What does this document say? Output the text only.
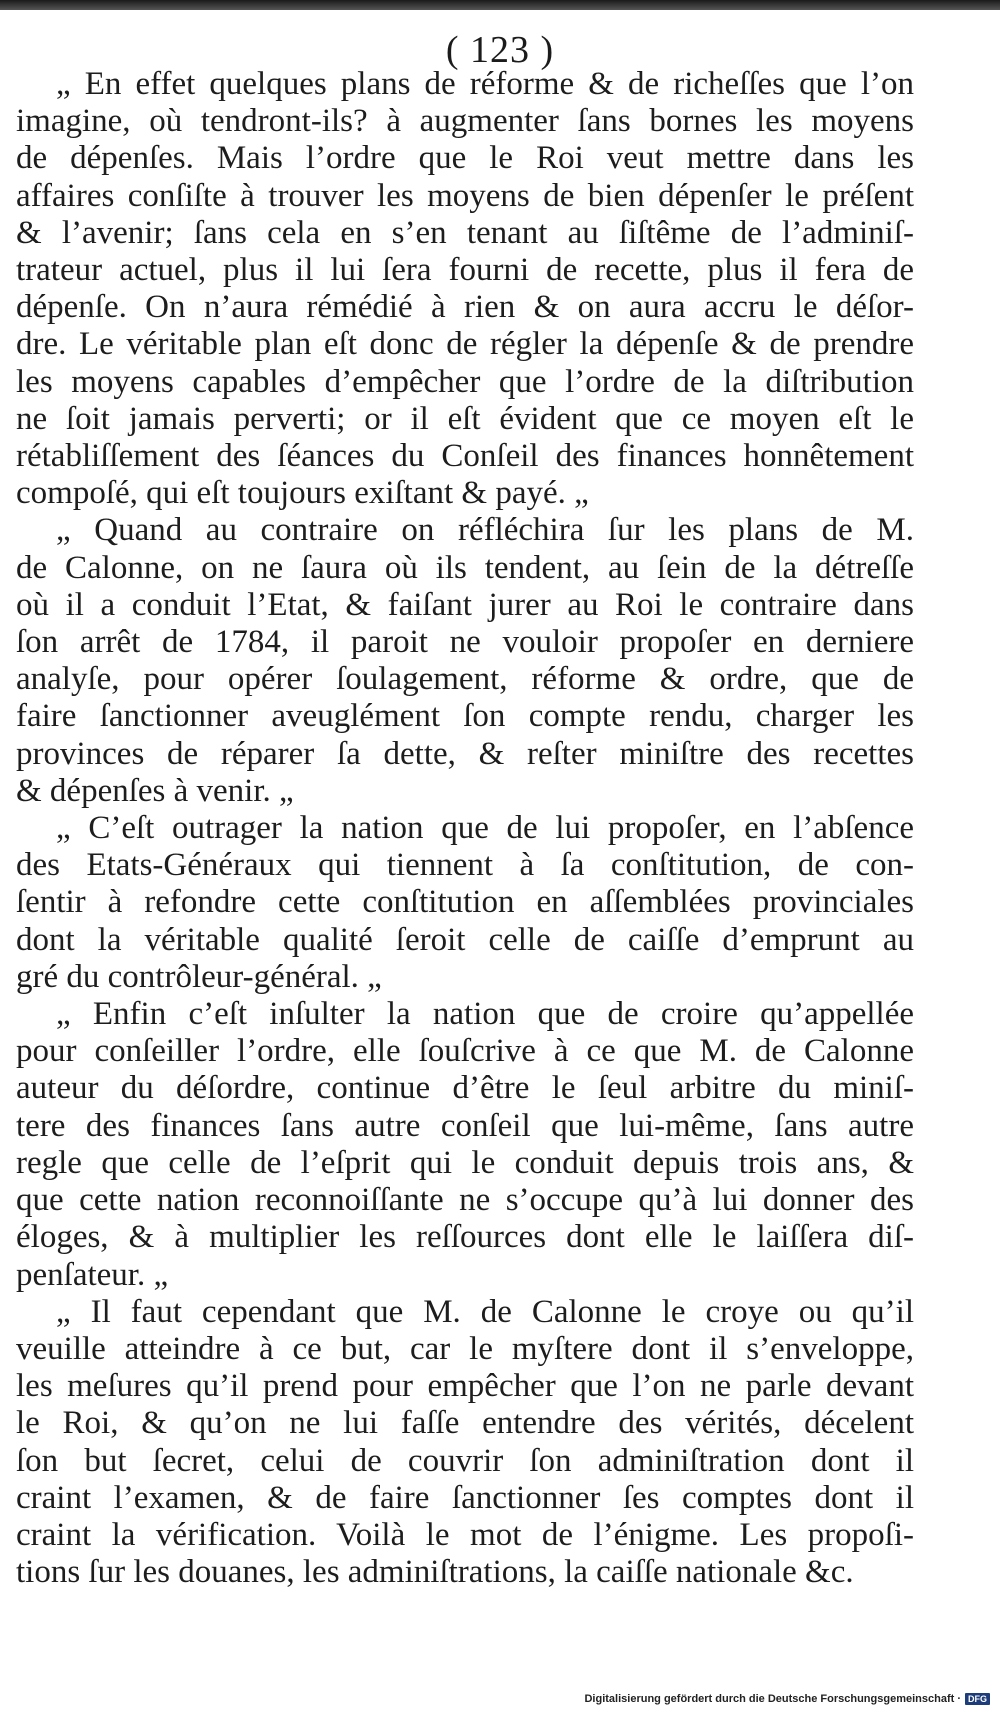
( 123 )
„ En effet quelques plans de réforme & de richeſſes que l’on
imagine, où tendront-ils? à augmenter ſans bornes les moyens
de dépenſes. Mais l’ordre que le Roi veut mettre dans les
affaires conſiſte à trouver les moyens de bien dépenſer le préſent
& l’avenir; ſans cela en s’en tenant au ſiſtême de l’adminiſ-
trateur actuel, plus il lui ſera fourni de recette, plus il fera de
dépenſe. On n’aura rémédié à rien & on aura accru le déſor-
dre. Le véritable plan eſt donc de régler la dépenſe & de prendre
les moyens capables d’empêcher que l’ordre de la diſtribution
ne ſoit jamais perverti; or il eſt évident que ce moyen eſt le
rétabliſſement des ſéances du Conſeil des finances honnêtement
compoſé, qui eſt toujours exiſtant & payé. „
„ Quand au contraire on réfléchira ſur les plans de M.
de Calonne, on ne ſaura où ils tendent, au ſein de la détreſſe
où il a conduit l’Etat, & faiſant jurer au Roi le contraire dans
ſon arrêt de 1784, il paroit ne vouloir propoſer en derniere
analyſe, pour opérer ſoulagement, réforme & ordre, que de
faire ſanctionner aveuglément ſon compte rendu, charger les
provinces de réparer ſa dette, & reſter miniſtre des recettes
& dépenſes à venir. „
„ C’eſt outrager la nation que de lui propoſer, en l’abſence
des Etats-Généraux qui tiennent à ſa conſtitution, de con-
ſentir à refondre cette conſtitution en aſſemblées provinciales
dont la véritable qualité ſeroit celle de caiſſe d’emprunt au
gré du contrôleur-général. „
„ Enfin c’eſt inſulter la nation que de croire qu’appellée
pour conſeiller l’ordre, elle ſouſcrive à ce que M. de Calonne
auteur du déſordre, continue d’être le ſeul arbitre du miniſ-
tere des finances ſans autre conſeil que lui-même, ſans autre
regle que celle de l’eſprit qui le conduit depuis trois ans, &
que cette nation reconnoiſſante ne s’occupe qu’à lui donner des
éloges, & à multiplier les reſſources dont elle le laiſſera diſ-
penſateur. „
„ Il faut cependant que M. de Calonne le croye ou qu’il
veuille atteindre à ce but, car le myſtere dont il s’enveloppe,
les meſures qu’il prend pour empêcher que l’on ne parle devant
le Roi, & qu’on ne lui faſſe entendre des vérités, décelent
ſon but ſecret, celui de couvrir ſon adminiſtration dont il
craint l’examen, & de faire ſanctionner ſes comptes dont il
craint la vérification. Voilà le mot de l’énigme. Les propoſi-
tions ſur les douanes, les adminiſtrations, la caiſſe nationale &c.
Digitalisierung gefördert durch die Deutsche Forschungsgemeinschaft · DFG
